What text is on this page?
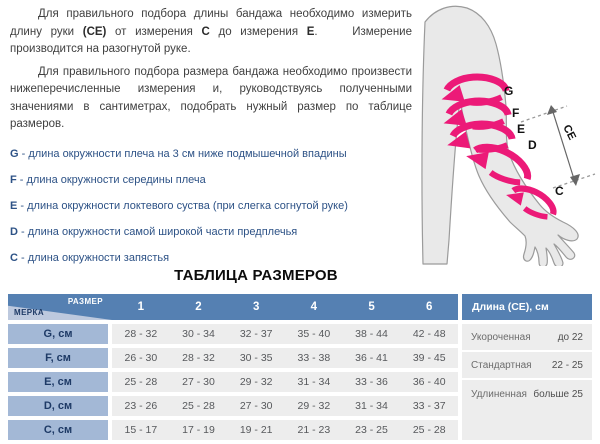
Для правильного подбора длины бандажа необходимо измерить длину руки (СЕ) от измерения С до измерения Е.    Измерение производится на разогнутой руке.

Для правильного подбора размера бандажа необходимо произвести нижеперечисленные измерения и, руководствуясь полученными значениями в сантиметрах, подобрать нужный размер по таблице размеров.

G - длина окружности плеча на 3 см ниже подмышечной впадины
F - длина окружности середины плеча
E - длина окружности локтевого суства (при слегка согнутой руке)
D - длина окружности самой широкой части предплечья
C - длина окружности запястья
G
F
E
D
C
CE
ТАБЛИЦА РАЗМЕРОВ
РАЗМЕР
МЕРКА	1	2	3	4	5	6
G, см	28 - 32	30 - 34	32 - 37	35 - 40	38 - 44	42 - 48
F, см	26 - 30	28 - 32	30 - 35	33 - 38	36 - 41	39 - 45
E, см	25 - 28	27 - 30	29 - 32	31 - 34	33 - 36	36 - 40
D, см	23 - 26	25 - 28	27 - 30	29 - 32	31 - 34	33 - 37
C, см	15 - 17	17 - 19	19 - 21	21 - 23	23 - 25	25 - 28
Длина (СЕ), см
Укороченная	до 22
Стандартная 22 - 25
Удлиненная больше 25
